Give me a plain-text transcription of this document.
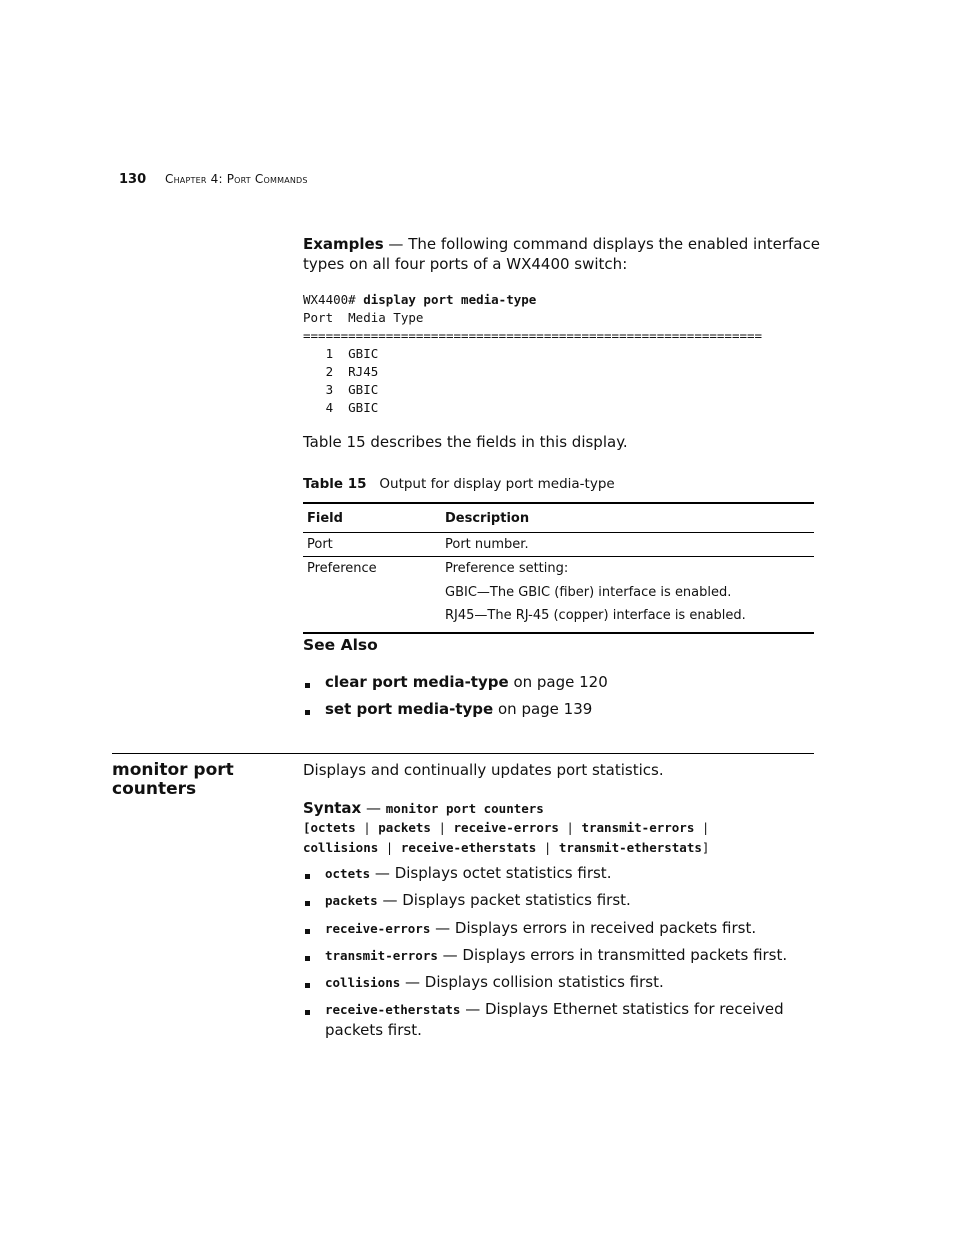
130 Chapter 4: Port Commands
Examples — The following command displays the enabled interface
types on all four ports of a WX4400 switch:
WX4400# display port media-type
Port  Media Type
=============================================================
1  GBIC
2  RJ45
3  GBIC
4  GBIC
Table 15 describes the fields in this display.
Table 15 Output for display port media-type
Field	Description
Port	Port number.
Preference	Preference setting:
GBIC—The GBIC (fiber) interface is enabled.
RJ45—The RJ-45 (copper) interface is enabled.
See Also
clear port media-type on page 120
set port media-type on page 139
monitor port counters
Displays and continually updates port statistics.
Syntax — monitor port counters
[octets | packets | receive-errors | transmit-errors |
collisions | receive-etherstats | transmit-etherstats]
octets — Displays octet statistics first.
packets — Displays packet statistics first.
receive-errors — Displays errors in received packets first.
transmit-errors — Displays errors in transmitted packets first.
collisions — Displays collision statistics first.
receive-etherstats — Displays Ethernet statistics for received
packets first.
